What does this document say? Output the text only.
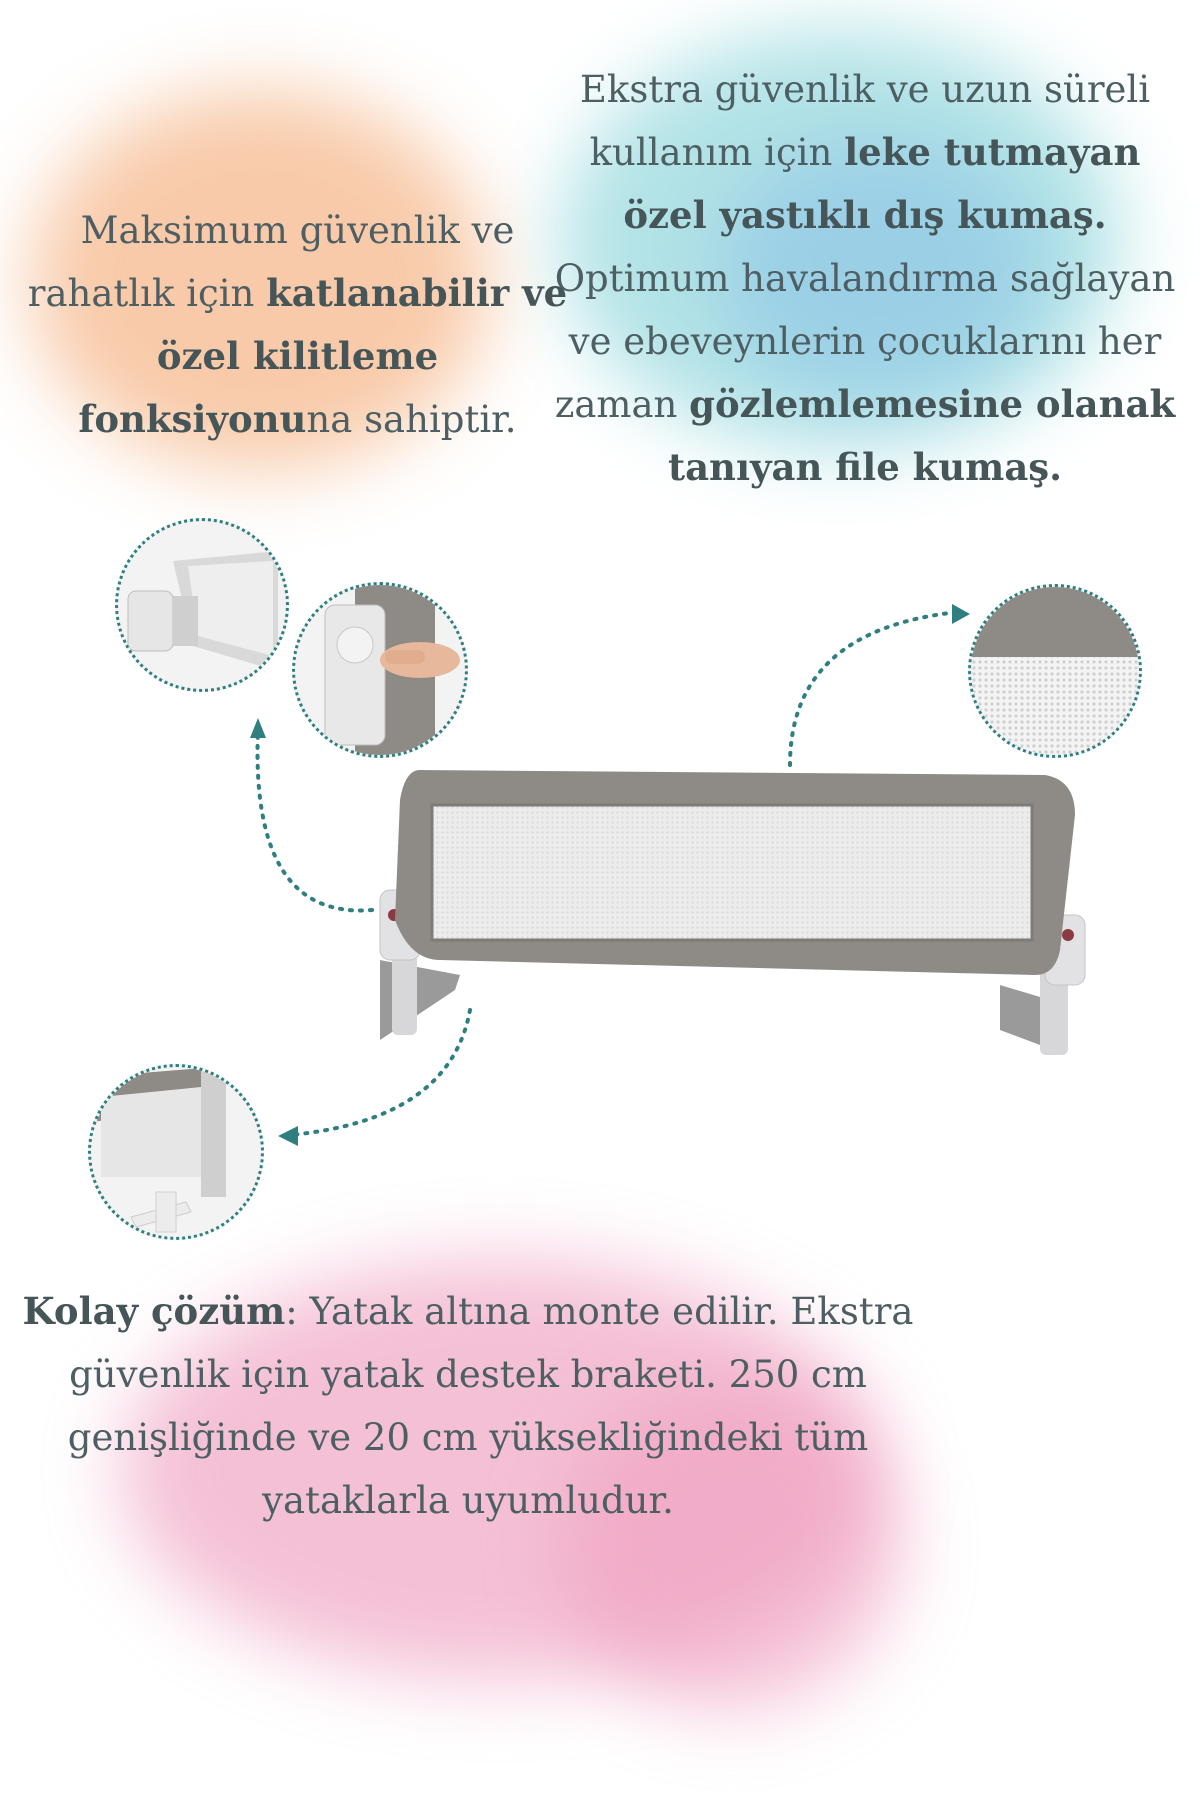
Maksimum güvenlik ve rahatlık için katlanabilir ve özel kilitleme fonksiyonuna sahiptir.
Ekstra güvenlik ve uzun süreli kullanım için leke tutmayan özel yastıklı dış kumaş. Optimum havalandırma sağlayan ve ebeveynlerin çocuklarını her zaman gözlemlemesine olanak tanıyan file kumaş.
Kolay çözüm: Yatak altına monte edilir. Ekstra güvenlik için yatak destek braketi. 250 cm genişliğinde ve 20 cm yüksekliğindeki tüm yataklarla uyumludur.
